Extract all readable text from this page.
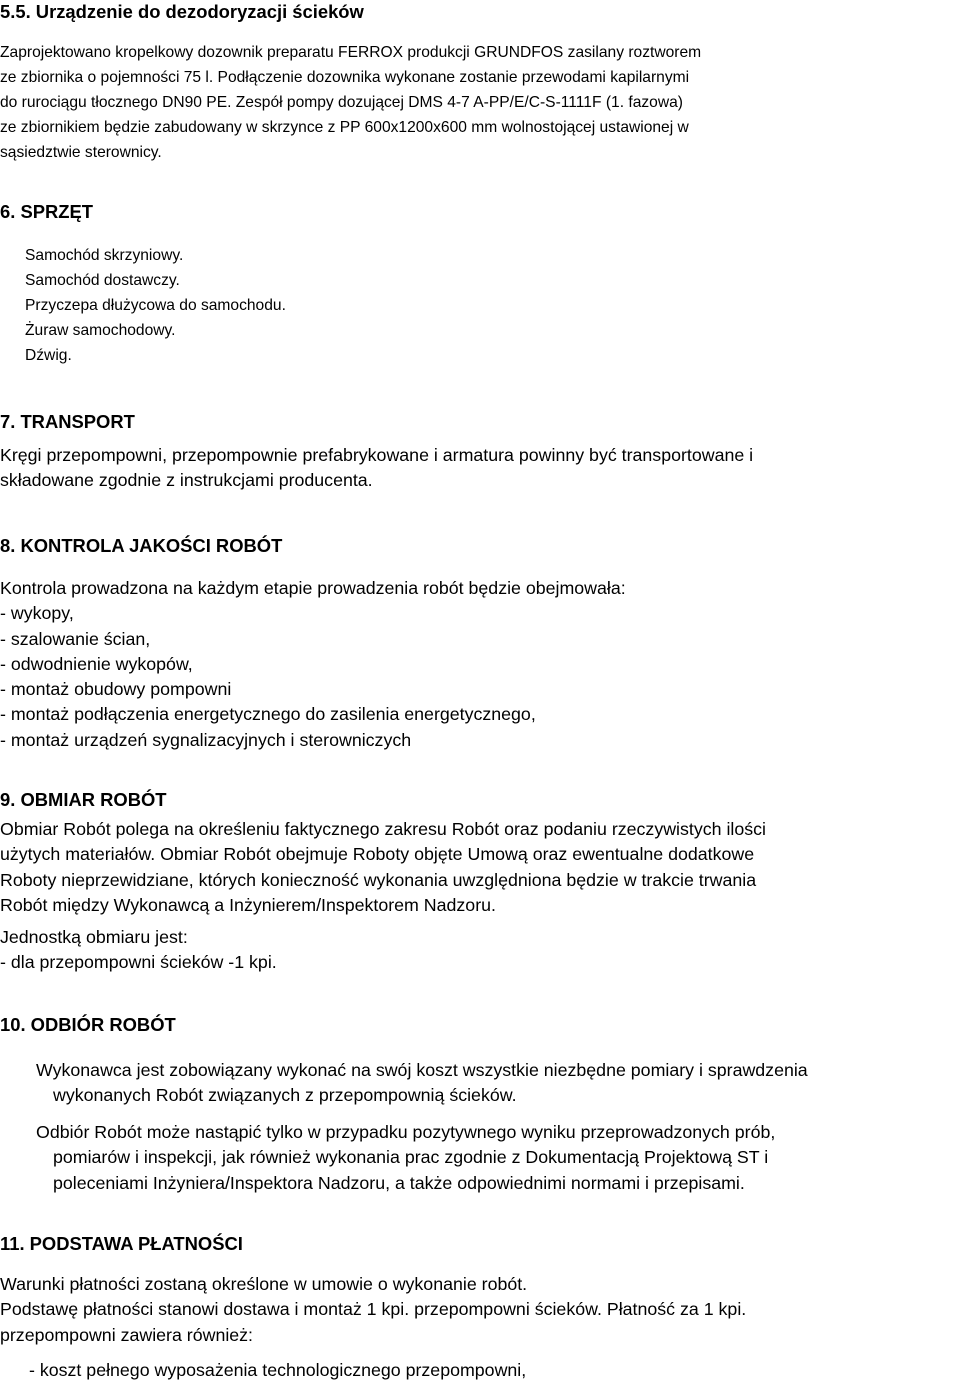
5.5. Urządzenie do dezodoryzacji ścieków
Zaprojektowano kropelkowy dozownik preparatu FERROX produkcji GRUNDFOS zasilany roztworem
ze zbiornika o pojemności 75 l. Podłączenie dozownika wykonane zostanie przewodami kapilarnymi
do rurociągu tłocznego DN90 PE. Zespół pompy dozującej DMS 4-7 A-PP/E/C-S-1111F (1. fazowa)
ze zbiornikiem będzie zabudowany w skrzynce z PP 600x1200x600 mm wolnostojącej ustawionej w
sąsiedztwie sterownicy.
6. SPRZĘT
Samochód skrzyniowy.
Samochód dostawczy.
Przyczepa dłużycowa do samochodu.
Żuraw samochodowy.
Dźwig.
7. TRANSPORT
Kręgi przepompowni, przepompownie prefabrykowane i armatura powinny być transportowane i
składowane zgodnie z instrukcjami producenta.
8. KONTROLA JAKOŚCI ROBÓT
Kontrola prowadzona na każdym etapie prowadzenia robót będzie obejmowała:
- wykopy,
- szalowanie ścian,
- odwodnienie wykopów,
- montaż obudowy pompowni
- montaż podłączenia energetycznego do zasilenia energetycznego,
- montaż urządzeń sygnalizacyjnych i sterowniczych
9. OBMIAR ROBÓT
Obmiar Robót polega na określeniu faktycznego zakresu Robót oraz podaniu rzeczywistych ilości
użytych materiałów. Obmiar Robót obejmuje Roboty objęte Umową oraz ewentualne dodatkowe
Roboty nieprzewidziane, których konieczność wykonania uwzględniona będzie w trakcie trwania
Robót między Wykonawcą a Inżynierem/Inspektorem Nadzoru.
Jednostką obmiaru jest:
- dla przepompowni ścieków -1 kpi.
10. ODBIÓR ROBÓT
Wykonawca jest zobowiązany wykonać na swój koszt wszystkie niezbędne pomiary i sprawdzenia
wykonanych Robót związanych z przepompownią ścieków.
Odbiór Robót może nastąpić tylko w przypadku pozytywnego wyniku przeprowadzonych prób,
pomiarów i inspekcji, jak również wykonania prac zgodnie z Dokumentacją Projektową ST i
poleceniami Inżyniera/Inspektora Nadzoru, a także odpowiednimi normami i przepisami.
11. PODSTAWA PŁATNOŚCI
Warunki płatności zostaną określone w umowie o wykonanie robót.
Podstawę płatności stanowi dostawa i montaż 1 kpi. przepompowni ścieków. Płatność za 1 kpi.
przepompowni zawiera również:
- koszt pełnego wyposażenia technologicznego przepompowni,
